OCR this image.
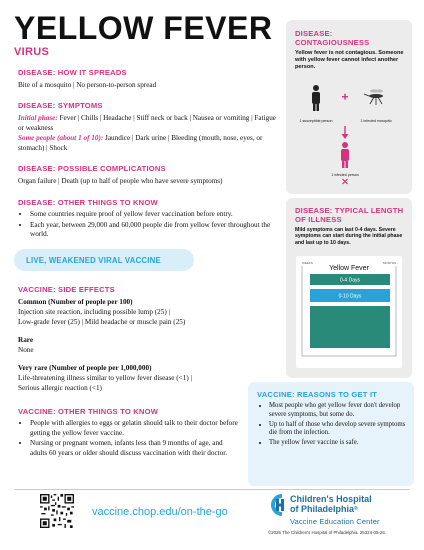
YELLOW FEVER
VIRUS
DISEASE: HOW IT SPREADS
Bite of a mosquito | No person-to-person spread
DISEASE: SYMPTOMS
Initial phase: Fever | Chills | Headache | Stiff neck or back | Nausea or vomiting | Fatigue or weakness
Some people (about 1 of 10): Jaundice | Dark urine | Bleeding (mouth, nose, eyes, or stomach) | Shock
DISEASE: POSSIBLE COMPLICATIONS
Organ failure | Death (up to half of people who have severe symptoms)
DISEASE: OTHER THINGS TO KNOW
• Some countries require proof of yellow fever vaccination before entry.
• Each year, between 29,000 and 60,000 people die from yellow fever throughout the world.
DISEASE: CONTAGIOUSNESS
Yellow fever is not contagious. Someone with yellow fever cannot infect another person.
1 susceptible person	1 infected mosquito
1 infected person
DISEASE: TYPICAL LENGTH OF ILLNESS
Mild symptoms can last 0-4 days. Severe symptoms can start during the initial phase and last up to 10 days.
WEEKS	MONTHS
Yellow Fever
0-4 Days
0-10 Days
LIVE, WEAKENED VIRAL VACCINE
VACCINE: SIDE EFFECTS
Common (Number of people per 100)
Injection site reaction, including possible lump (25) |
Low-grade fever (25) | Mild headache or muscle pain (25)
Rare
None
Very rare (Number of people per 1,000,000)
Life-threatening illness similar to yellow fever disease (<1) |
Serious allergic reaction (<1)
VACCINE: OTHER THINGS TO KNOW
• People with allergies to eggs or gelatin should talk to their doctor before getting the yellow fever vaccine.
• Nursing or pregnant women, infants less than 9 months of age, and adults 60 years or older should discuss vaccination with their doctor.
VACCINE: REASONS TO GET IT
• Most people who get yellow fever don't develop severe symptoms, but some do.
• Up to half of those who develop severe symptoms die from the infection.
• The yellow fever vaccine is safe.
vaccine.chop.edu/on-the-go
Children's Hospital
of Philadelphia®
Vaccine Education Center
©2026 The Children's Hospital of Philadelphia. 25324-05-26.
